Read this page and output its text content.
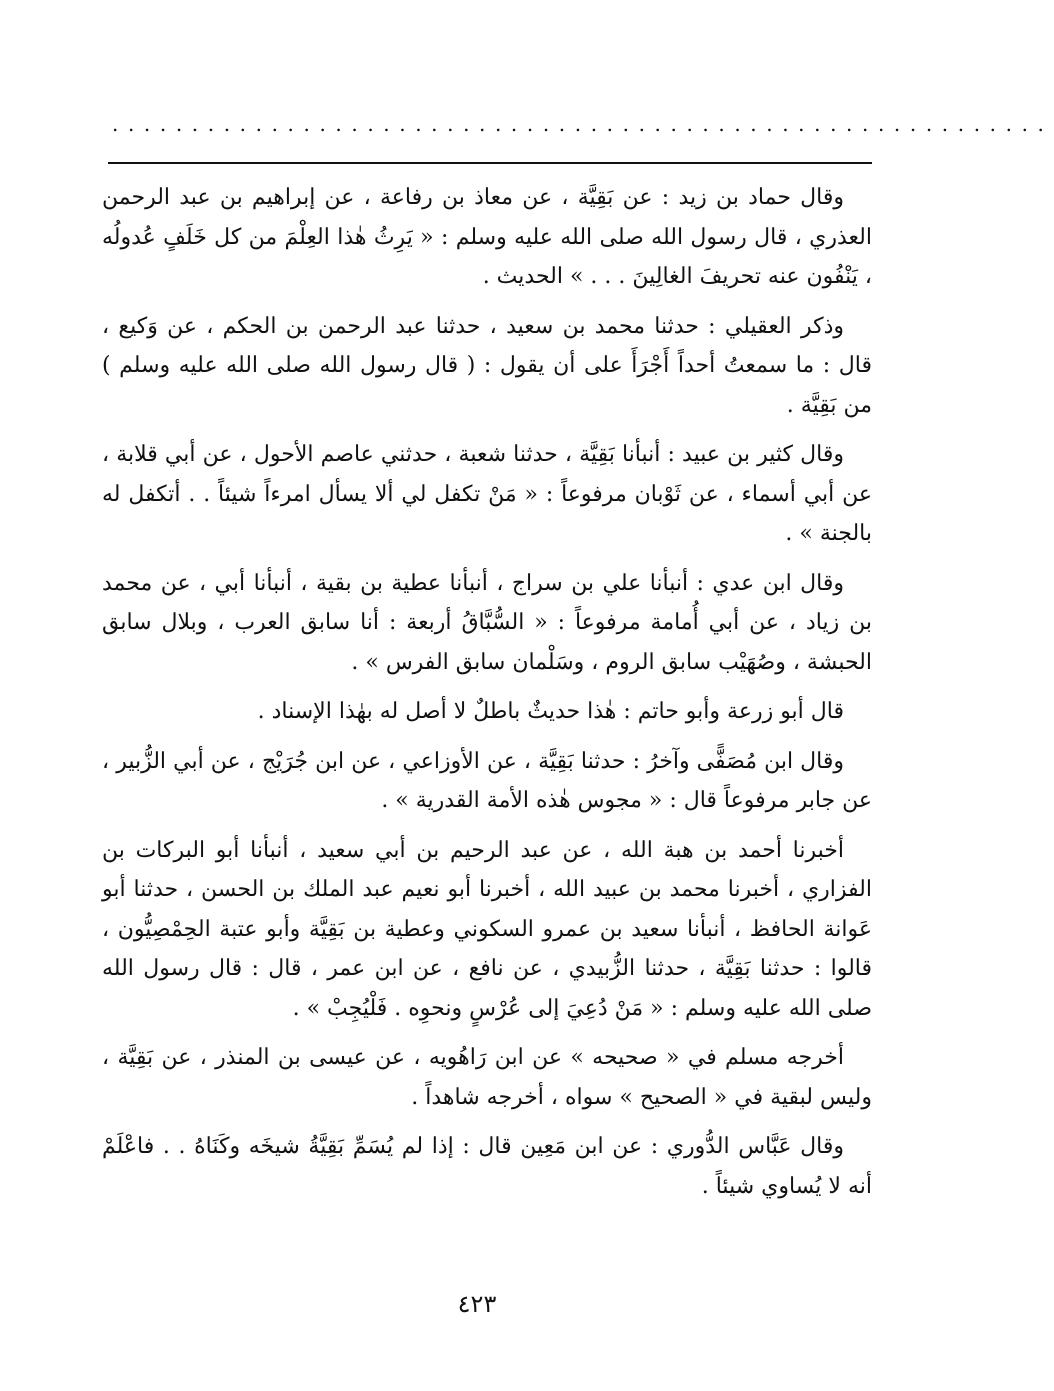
...........................................................

وقال حماد بن زيد : عن بَقِيَّة ، عن معاذ بن رفاعة ، عن إبراهيم بن عبد الرحمن العذري ، قال رسول الله صلى الله عليه وسلم : « يَرِثُ هٰذا العِلْمَ من كل خَلَفٍ عُدولُه ، يَنْفُون عنه تحريفَ الغالِينَ . . . » الحديث .

وذكر العقيلي : حدثنا محمد بن سعيد ، حدثنا عبد الرحمن بن الحكم ، عن وَكيع ، قال : ما سمعتُ أحداً أَجْرَأَ على أن يقول : ( قال رسول الله صلى الله عليه وسلم ) من بَقِيَّة .

وقال كثير بن عبيد : أنبأنا بَقِيَّة ، حدثنا شعبة ، حدثني عاصم الأحول ، عن أبي قلابة ، عن أبي أسماء ، عن ثَوْبان مرفوعاً : « مَنْ تكفل لي ألا يسأل امرءاً شيئاً . . أتكفل له بالجنة » .

وقال ابن عدي : أنبأنا علي بن سراج ، أنبأنا عطية بن بقية ، أنبأنا أبي ، عن محمد بن زياد ، عن أبي أُمامة مرفوعاً : « السُّبَّاقُ أربعة : أنا سابق العرب ، وبلال سابق الحبشة ، وصُهَيْب سابق الروم ، وسَلْمان سابق الفرس » .

قال أبو زرعة وأبو حاتم : هٰذا حديثٌ باطلٌ لا أصل له بهٰذا الإسناد .

وقال ابن مُصَفًّى وآخرُ : حدثنا بَقِيَّة ، عن الأوزاعي ، عن ابن جُرَيْج ، عن أبي الزُّبير ، عن جابر مرفوعاً قال : « مجوس هٰذه الأمة القدرية » .

أخبرنا أحمد بن هبة الله ، عن عبد الرحيم بن أبي سعيد ، أنبأنا أبو البركات بن الفزاري ، أخبرنا محمد بن عبيد الله ، أخبرنا أبو نعيم عبد الملك بن الحسن ، حدثنا أبو عَوانة الحافظ ، أنبأنا سعيد بن عمرو السكوني وعطية بن بَقِيَّة وأبو عتبة الحِمْصِيُّون ، قالوا : حدثنا بَقِيَّة ، حدثنا الزُّبيدي ، عن نافع ، عن ابن عمر ، قال : قال رسول الله صلى الله عليه وسلم : « مَنْ دُعِيَ إلى عُرْسٍ ونحوِه . فَلْيُجِبْ » .

أخرجه مسلم في « صحيحه » عن ابن رَاهُويه ، عن عيسى بن المنذر ، عن بَقِيَّة ، وليس لبقية في « الصحيح » سواه ، أخرجه شاهداً .

وقال عَبَّاس الدُّوري : عن ابن مَعِين قال : إذا لم يُسَمِّ بَقِيَّةُ شيخَه وكَنَاهُ . . فاعْلَمْ أنه لا يُساوي شيئاً .

٤٢٣
